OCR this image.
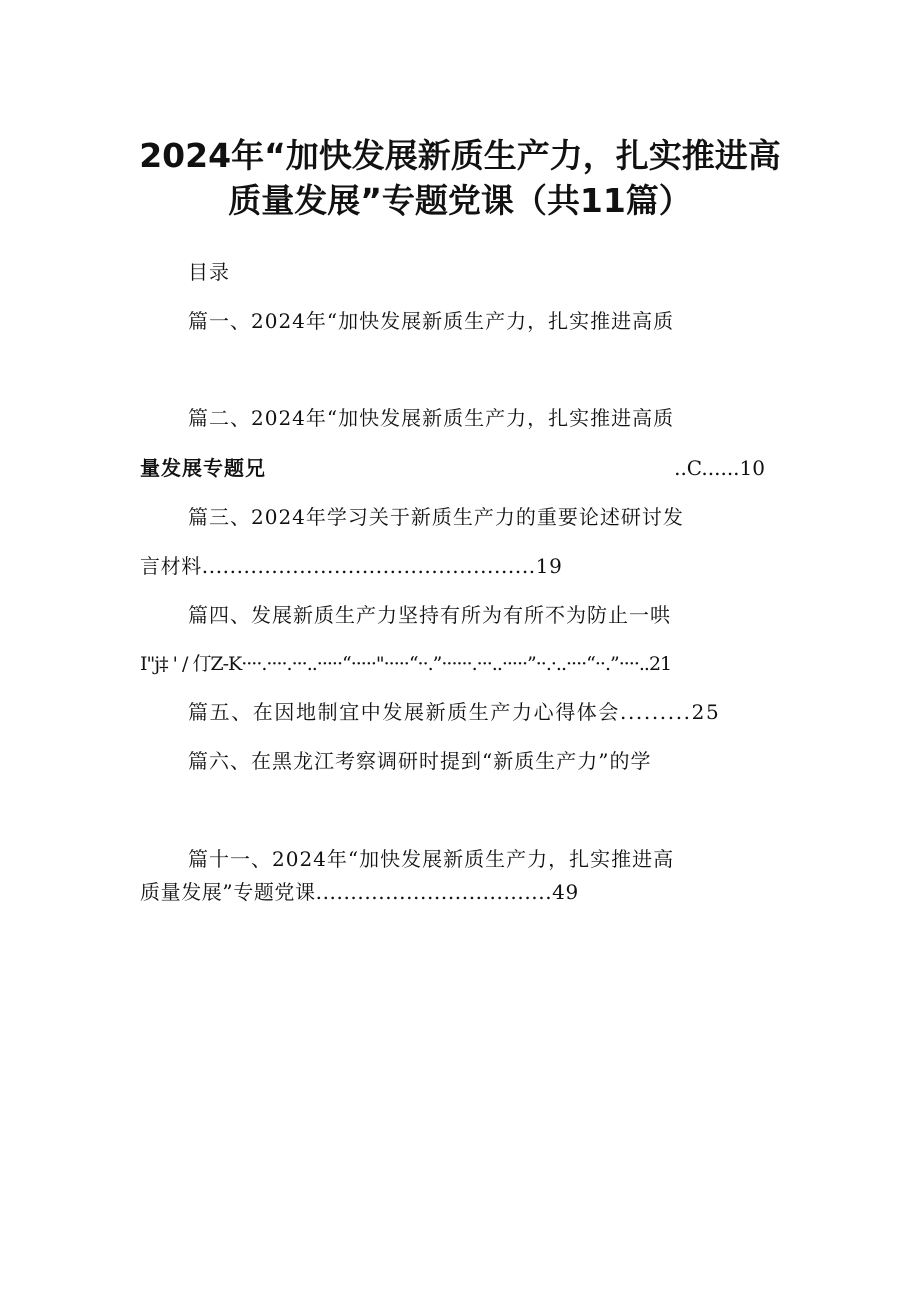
2024年“加快发展新质生产力，扎实推进高
质量发展”专题党课（共11篇）
目录
篇一、2024年“加快发展新质生产力，扎实推进高质
篇二、2024年“加快发展新质生产力，扎实推进高质
量发展专题兄	..C......10
篇三、2024年学习关于新质生产力的重要论述研讨发
言材料................................................19
篇四、发展新质生产力坚持有所为有所不为防止一哄
I"j‡ ' / 仃Z-K····.····.···..·····“·····"·····“··.”······.···..·····”··.·..····“··.”····..21
篇五、在因地制宜中发展新质生产力心得体会.........25
篇六、在黑龙江考察调研时提到“新质生产力”的学
篇十一、2024年“加快发展新质生产力，扎实推进高
质量发展”专题党课..................................49
